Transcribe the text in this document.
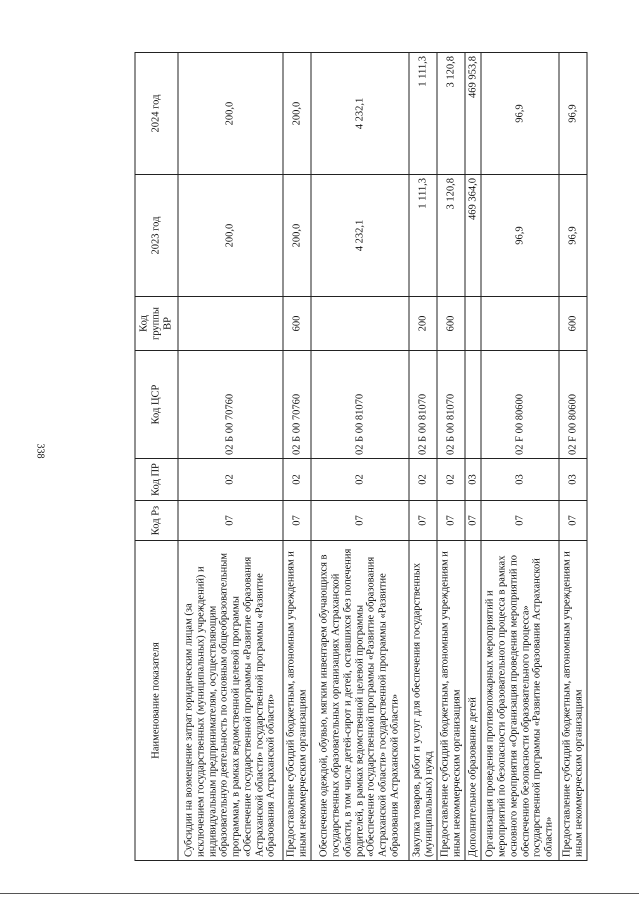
338
Наименование показателя	Код Рз	Код ПР	Код ЦСР	Код группы ВР	2023 год	2024 год
Субсидии на возмещение затрат юридическим лицам (за исключением государственных (муниципальных) учреждений) и индивидуальным предпринимателям, осуществляющим образовательную деятельность по основным общеобразовательным программам, в рамках ведомственной целевой программы «Обеспечение государственной программы «Развитие образования Астраханской области» государственной программы «Развитие образования Астраханской области»	07	02	02 Б 00 70760		200,0	200,0
Предоставление субсидий бюджетным, автономным учреждениям и иным некоммерческим организациям	07	02	02 Б 00 70760	600	200,0	200,0
Обеспечение одеждой, обувью, мягким инвентарем обучающихся в государственных образовательных организациях Астраханской области, в том числе детей-сирот и детей, оставшихся без попечения родителей, в рамках ведомственной целевой программы «Обеспечение государственной программы «Развитие образования Астраханской области» государственной программы «Развитие образования Астраханской области»	07	02	02 Б 00 81070		4 232,1	4 232,1
Закупка товаров, работ и услуг для обеспечения государственных (муниципальных) нужд	07	02	02 Б 00 81070	200	1 111,3	1 111,3
Предоставление субсидий бюджетным, автономным учреждениям и иным некоммерческим организациям	07	02	02 Б 00 81070	600	3 120,8	3 120,8
Дополнительное образование детей	07	03			469 364,0	469 953,8
Организация проведения противопожарных мероприятий и мероприятий по безопасности образовательного процесса в рамках основного мероприятия «Организация проведения мероприятий по обеспечению безопасности образовательного процесса» государственной программы «Развитие образования Астраханской области»	07	03	02 F 00 80600		96,9	96,9
Предоставление субсидий бюджетным, автономным учреждениям и иным некоммерческим организациям	07	03	02 F 00 80600	600	96,9	96,9
